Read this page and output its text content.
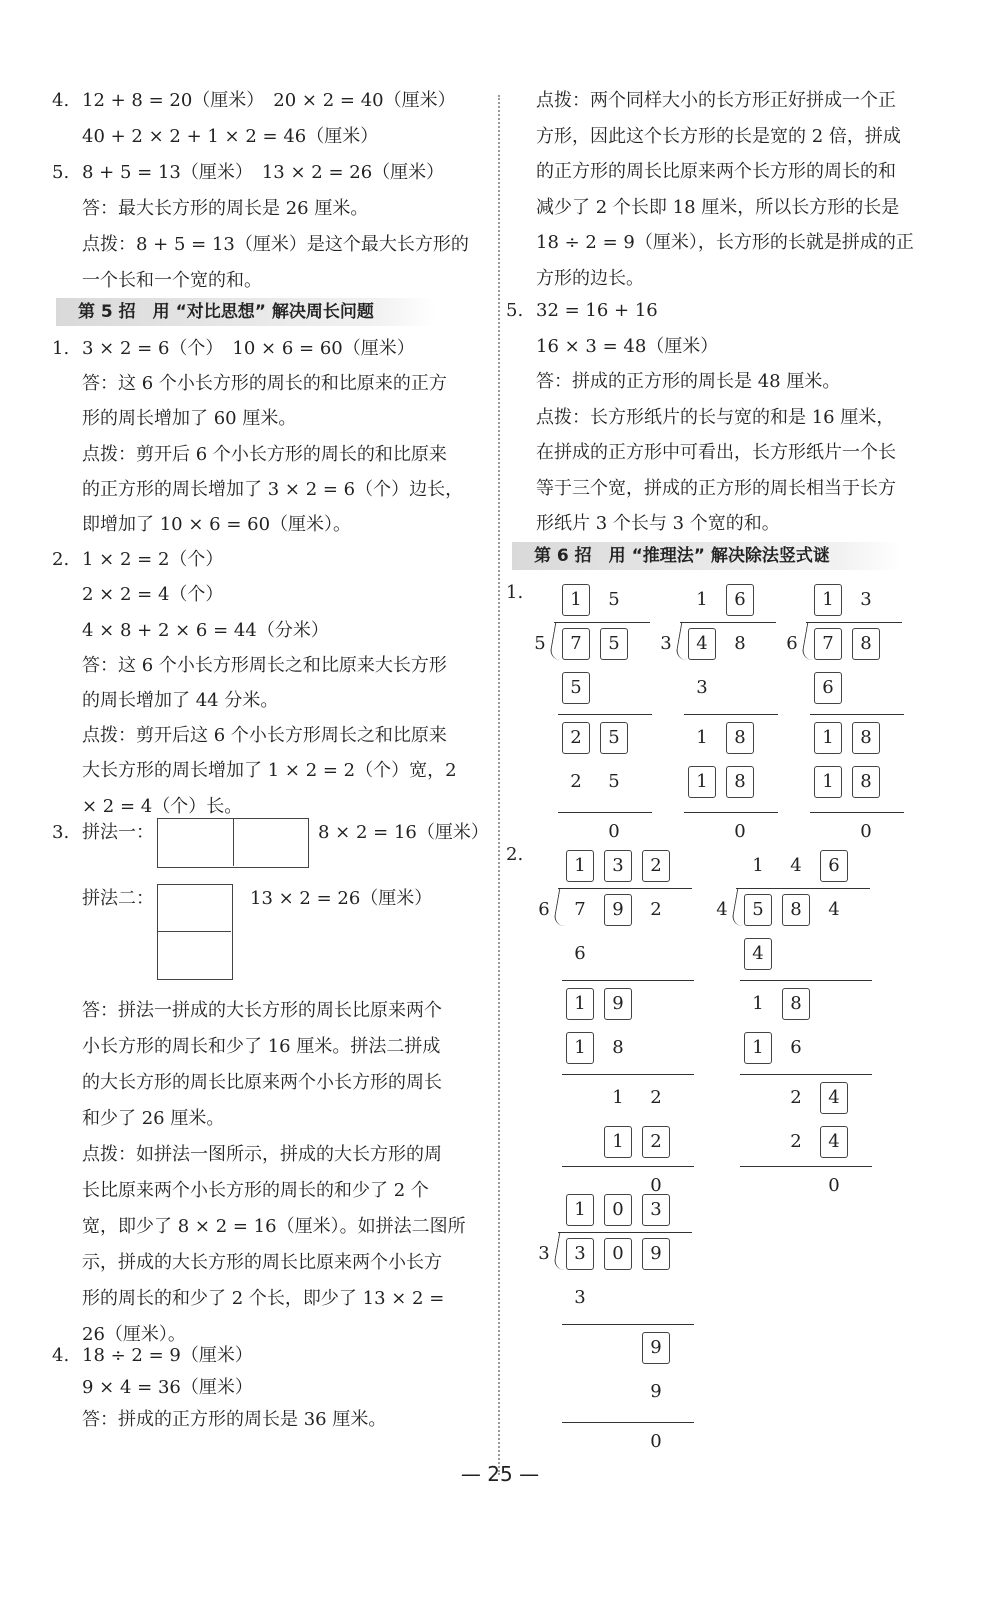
4. 12 + 8 = 20（厘米）　20 × 2 = 40（厘米）
40 + 2 × 2 + 1 × 2 = 46（厘米）
5. 8 + 5 = 13（厘米）　13 × 2 = 26（厘米）
答：最大长方形的周长是 26 厘米。
点拨：8 + 5 = 13（厘米）是这个最大长方形的
一个长和一个宽的和。
第 5 招　用 “对比思想” 解决周长问题
1. 3 × 2 = 6（个）　10 × 6 = 60（厘米）
答：这 6 个小长方形的周长的和比原来的正方
形的周长增加了 60 厘米。
点拨：剪开后 6 个小长方形的周长的和比原来
的正方形的周长增加了 3 × 2 = 6（个）边长，
即增加了 10 × 6 = 60（厘米）。
2. 1 × 2 = 2（个）
2 × 2 = 4（个）
4 × 8 + 2 × 6 = 44（分米）
答：这 6 个小长方形周长之和比原来大长方形
的周长增加了 44 分米。
点拨：剪开后这 6 个小长方形周长之和比原来
大长方形的周长增加了 1 × 2 = 2（个）宽，2
× 2 = 4（个）长。
3. 拼法一：	8 × 2 = 16（厘米）
拼法二：	13 × 2 = 26（厘米）
答：拼法一拼成的大长方形的周长比原来两个
小长方形的周长和少了 16 厘米。拼法二拼成
的大长方形的周长比原来两个小长方形的周长
和少了 26 厘米。
点拨：如拼法一图所示，拼成的大长方形的周
长比原来两个小长方形的周长的和少了 2 个
宽，即少了 8 × 2 = 16（厘米）。如拼法二图所
示，拼成的大长方形的周长比原来两个小长方
形的周长的和少了 2 个长，即少了 13 × 2 =
26（厘米）。
4. 18 ÷ 2 = 9（厘米）
9 × 4 = 36（厘米）
答：拼成的正方形的周长是 36 厘米。
点拨：两个同样大小的长方形正好拼成一个正
方形，因此这个长方形的长是宽的 2 倍，拼成
的正方形的周长比原来两个长方形的周长的和
减少了 2 个长即 18 厘米，所以长方形的长是
18 ÷ 2 = 9（厘米），长方形的长就是拼成的正
方形的边长。
5. 32 = 16 + 16
16 × 3 = 48（厘米）
答：拼成的正方形的周长是 48 厘米。
点拨：长方形纸片的长与宽的和是 16 厘米，
在拼成的正方形中可看出，长方形纸片一个长
等于三个宽，拼成的正方形的周长相当于长方
形纸片 3 个长与 3 个宽的和。
第 6 招　用 “推理法” 解决除法竖式谜
1.
2.
1	5
5	7	5
5
2	5
2	5
0
1	6
3	4	8
3
1	8
1	8
0
1	3
6	7	8
6
1	8
1	8
0
1	3	2
6	7	9	2
6
1	9
1	8
1	2
1	2
0
1	4	6
4	5	8	4
4
1	8
1	6
2	4
2	4
0
1	0	3
3	3	0	9
3
9
9
0
— 25 —
